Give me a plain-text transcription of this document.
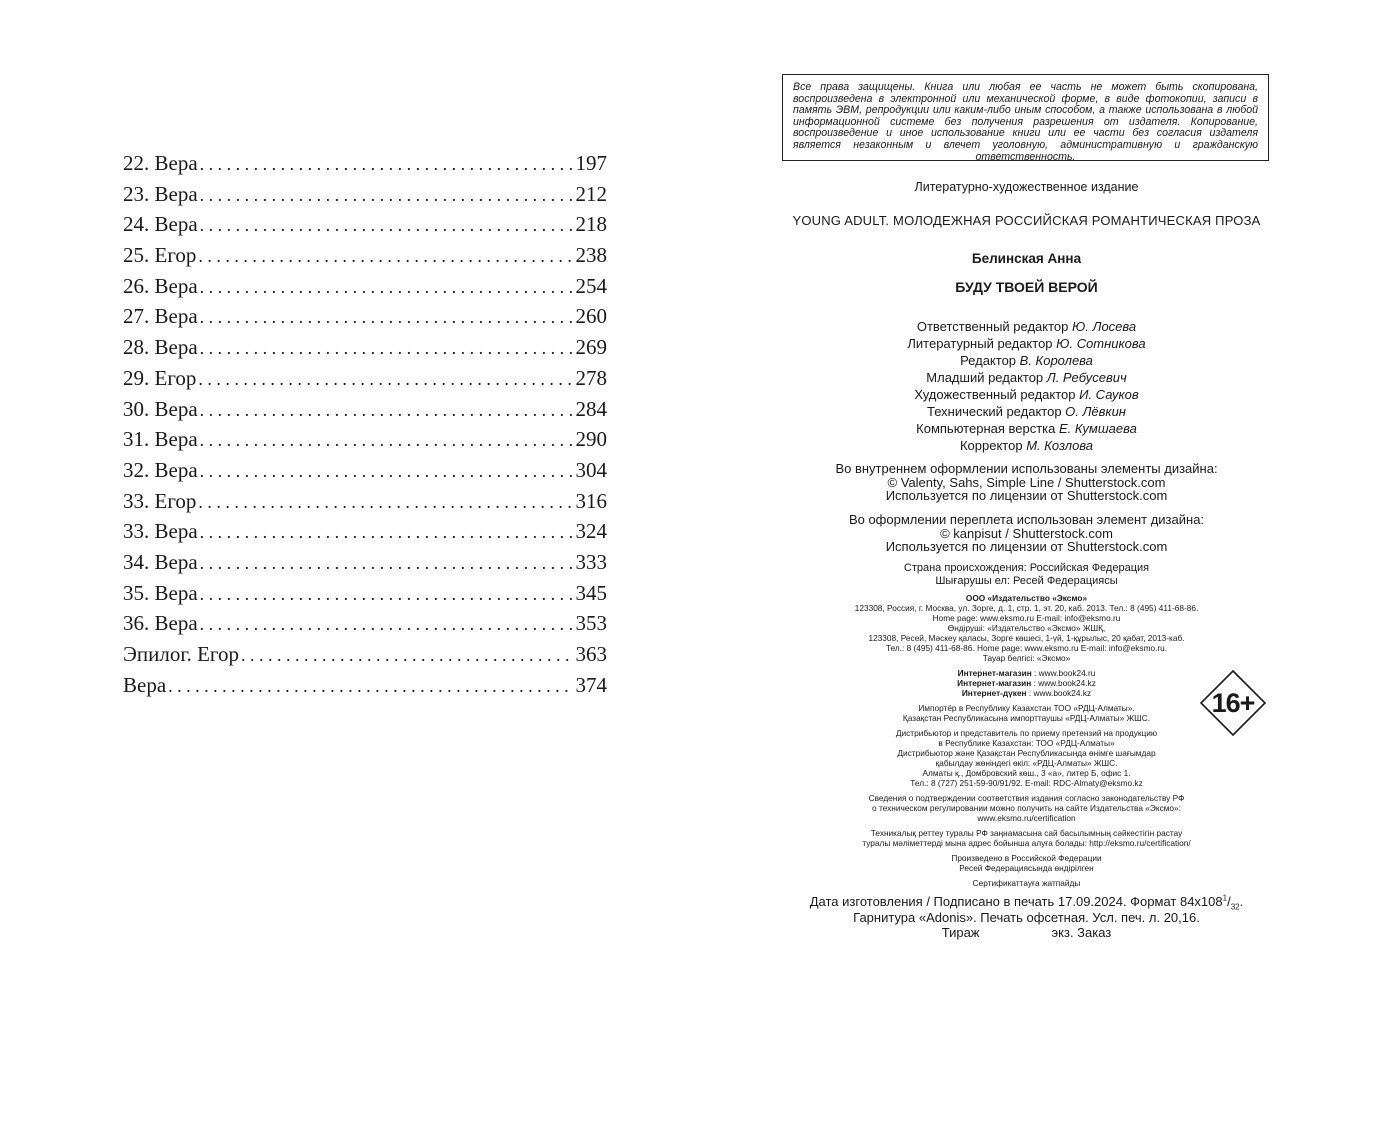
22. Вера . . .	197
23. Вера . . .	212
24. Вера . . .	218
25. Егор . . .	238
26. Вера . . .	254
27. Вера . . .	260
28. Вера . . .	269
29. Егор . . .	278
30. Вера . . .	284
31. Вера . . .	290
32. Вера . . .	304
33. Егор . . .	316
33. Вера . . .	324
34. Вера . . .	333
35. Вера . . .	345
36. Вера . . .	353
Эпилог. Егор . . .	363
Вера . . .	374
Все права защищены. Книга или любая ее часть не может быть скопирована, воспроизведена в электронной или механической форме, в виде фотокопии, записи в память ЭВМ, репродукции или каким-либо иным способом, а также использована в любой информационной системе без получения разрешения от издателя. Копирование, воспроизведение и иное использование книги или ее части без согласия издателя является незаконным и влечет уголовную, административную и гражданскую ответственность.
Литературно-художественное издание
YOUNG ADULT. МОЛОДЕЖНАЯ РОССИЙСКАЯ РОМАНТИЧЕСКАЯ ПРОЗА
Белинская Анна
БУДУ ТВОЕЙ ВЕРОЙ
Ответственный редактор Ю. Лосева
Литературный редактор Ю. Сотникова
Редактор В. Королева
Младший редактор Л. Ребусевич
Художественный редактор И. Сауков
Технический редактор О. Лёвкин
Компьютерная верстка Е. Кумшаева
Корректор М. Козлова
Во внутреннем оформлении использованы элементы дизайна:
© Valenty, Sahs, Simple Line / Shutterstock.com
Используется по лицензии от Shutterstock.com
Во оформлении переплета использован элемент дизайна:
© kanpisut / Shutterstock.com
Используется по лицензии от Shutterstock.com
Страна происхождения: Российская Федерация
Шығарушы ел: Ресей Федерациясы
ООО «Издательство «Эксмо»
123308, Россия, г. Москва, ул. Зорге, д. 1, стр. 1, эт. 20, каб. 2013. Тел.: 8 (495) 411-68-86.
Home page: www.eksmo.ru E-mail: info@eksmo.ru
Өндіруші: «Издательство «Эксмо» ЖШҚ,
123308, Ресей, Мәскеу қаласы, Зорге көшесі, 1-үй, 1-құрылыс, 20 қабат, 2013-каб.
Тел.: 8 (495) 411-68-86. Home page: www.eksmo.ru E-mail: info@eksmo.ru.
Тауар белгісі: «Эксмо»
Интернет-магазин : www.book24.ru
Интернет-магазин : www.book24.kz
Интернет-дүкен : www.book24.kz
Импортёр в Республику Казахстан ТОО «РДЦ-Алматы».
Қазақстан Республикасына импорттаушы «РДЦ-Алматы» ЖШС.
Дистрибьютор и представитель по приему претензий на продукцию
в Республике Казахстан: ТОО «РДЦ-Алматы»
Дистрибьютор және Қазақстан Республикасында өнімге шағымдар
қабылдау жөніндегі өкіл: «РДЦ-Алматы» ЖШС.
Алматы қ., Домбровский көш., 3 «а», литер Б, офис 1.
Тел.: 8 (727) 251-59-90/91/92. E-mail: RDC-Almaty@eksmo.kz
Сведения о подтверждении соответствия издания согласно законодательству РФ
о техническом регулировании можно получить на сайте Издательства «Эксмо»:
www.eksmo.ru/certification
Техникалық реттеу туралы РФ заңнамасына сай басылымның сәйкестігін растау
туралы мәліметтерді мына адрес бойынша алуға болады: http://eksmo.ru/certification/
Произведено в Российской Федерации
Ресей Федерациясында өндірілген
Сертификаттауға жатпайды
16+
Дата изготовления / Подписано в печать 17.09.2024. Формат $84x108^1/_{32}$.
Гарнитура «Adonis». Печать офсетная. Усл. печ. л. 20,16.
Тираж	экз. Заказ
